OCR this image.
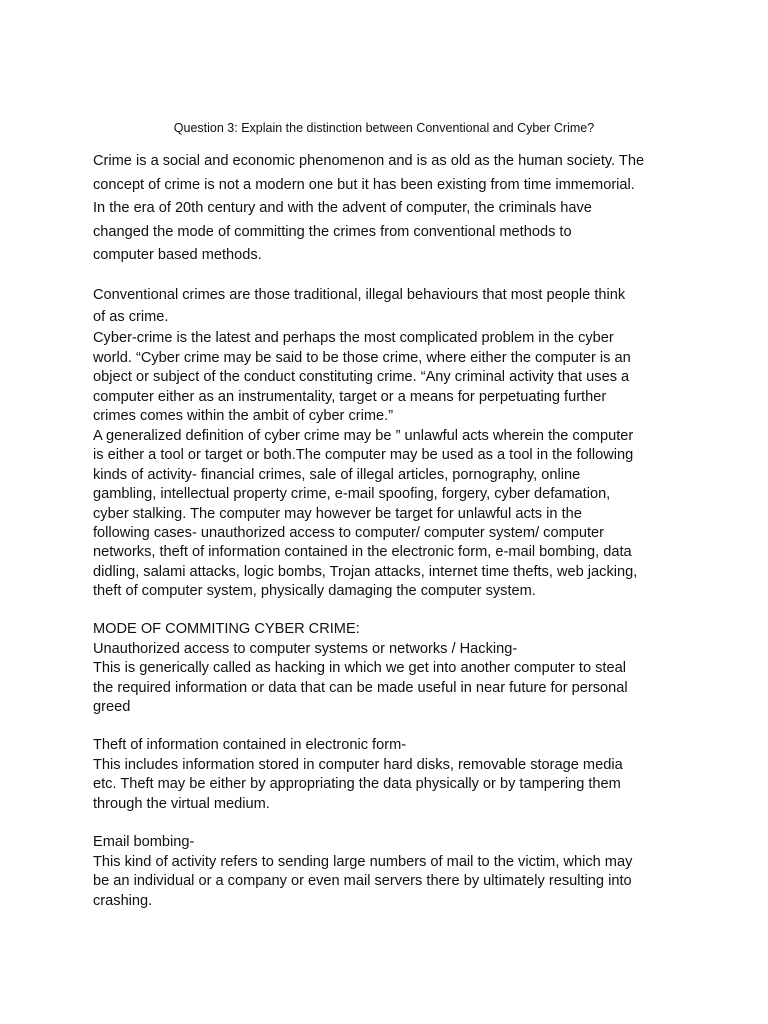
Question 3: Explain the distinction between Conventional and Cyber Crime?
Crime is a social and economic phenomenon and is as old as the human society. The
concept of crime is not a modern one but it has been existing from time immemorial.
In the era of 20th century and with the advent of computer, the criminals have
changed the mode of committing the crimes from conventional methods to
computer based methods.
Conventional crimes are those traditional, illegal behaviours that most people think
of as crime.
Cyber-crime is the latest and perhaps the most complicated problem in the cyber
world. “Cyber crime may be said to be those crime, where either the computer is an
object or subject of the conduct constituting crime. “Any criminal activity that uses a
computer either as an instrumentality, target or a means for perpetuating further
crimes comes within the ambit of cyber crime.”
A generalized definition of cyber crime may be ” unlawful acts wherein the computer
is either a tool or target or both.The computer may be used as a tool in the following
kinds of activity- financial crimes, sale of illegal articles, pornography, online
gambling, intellectual property crime, e-mail spoofing, forgery, cyber defamation,
cyber stalking. The computer may however be target for unlawful acts in the
following cases- unauthorized access to computer/ computer system/ computer
networks, theft of information contained in the electronic form, e-mail bombing, data
didling, salami attacks, logic bombs, Trojan attacks, internet time thefts, web jacking,
theft of computer system, physically damaging the computer system.
MODE OF COMMITING CYBER CRIME:
Unauthorized access to computer systems or networks / Hacking-
This is generically called as hacking in which we get into another computer to steal
the required information or data that can be made useful in near future for personal
greed
Theft of information contained in electronic form-
This includes information stored in computer hard disks, removable storage media
etc. Theft may be either by appropriating the data physically or by tampering them
through the virtual medium.
Email bombing-
This kind of activity refers to sending large numbers of mail to the victim, which may
be an individual or a company or even mail servers there by ultimately resulting into
crashing.
